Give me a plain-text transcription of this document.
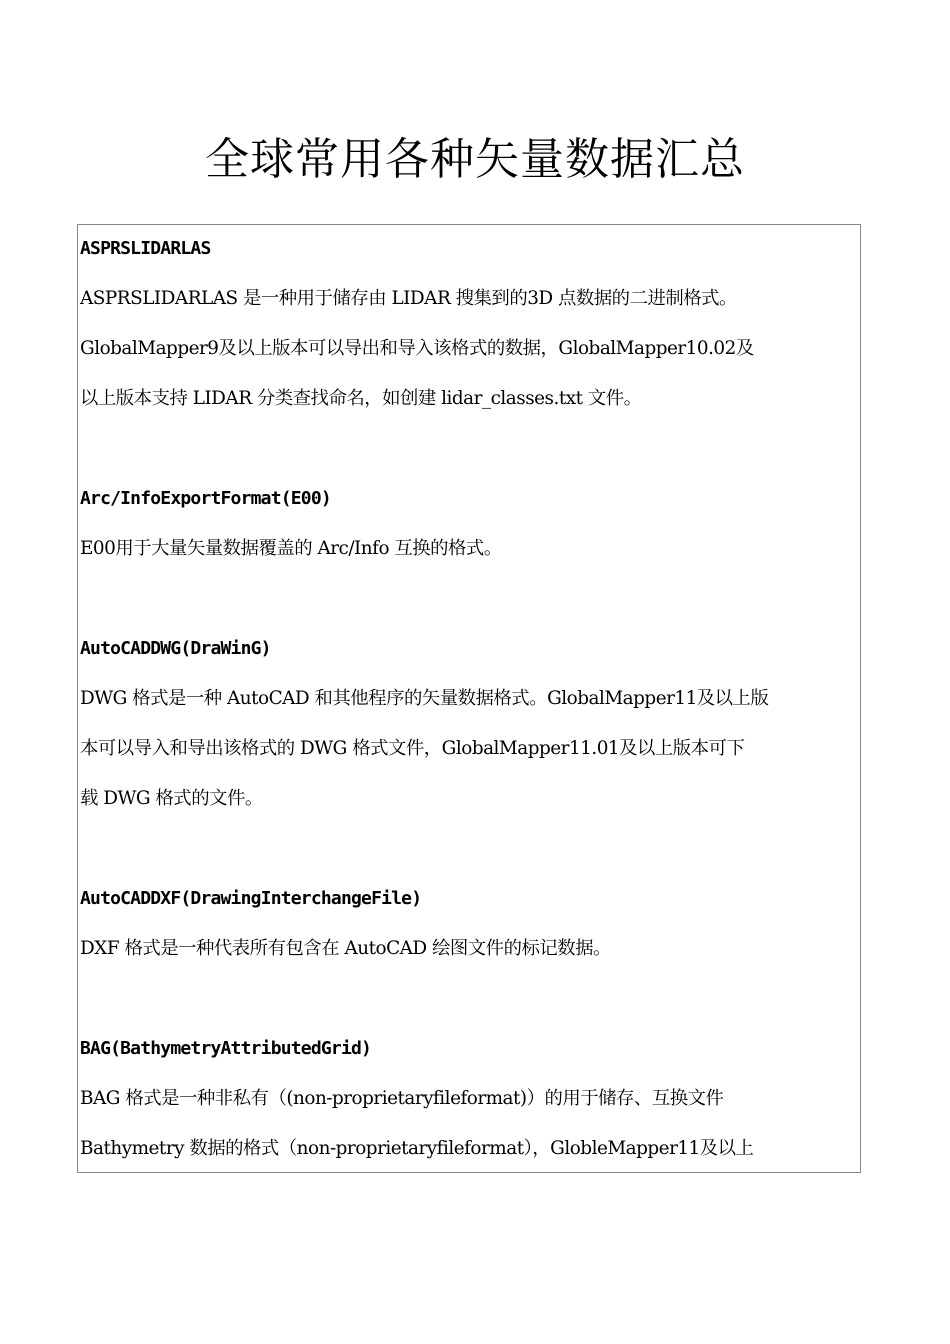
全球常用各种矢量数据汇总

ASPRSLIDARLAS

ASPRSLIDARLAS 是一种用于储存由 LIDAR 搜集到的3D 点数据的二进制格式。
GlobalMapper9及以上版本可以导出和导入该格式的数据，GlobalMapper10.02及
以上版本支持 LIDAR 分类查找命名，如创建 lidar_classes.txt 文件。

Arc/InfoExportFormat(E00)

E00用于大量矢量数据覆盖的 Arc/Info 互换的格式。

AutoCADDWG(DraWinG)

DWG 格式是一种 AutoCAD 和其他程序的矢量数据格式。GlobalMapper11及以上版
本可以导入和导出该格式的 DWG 格式文件，GlobalMapper11.01及以上版本可下
载 DWG 格式的文件。

AutoCADDXF(DrawingInterchangeFile)

DXF 格式是一种代表所有包含在 AutoCAD 绘图文件的标记数据。

BAG(BathymetryAttributedGrid)

BAG 格式是一种非私有（(non-proprietaryfileformat)）的用于储存、互换文件
Bathymetry 数据的格式（non-proprietaryfileformat），GlobleMapper11及以上
